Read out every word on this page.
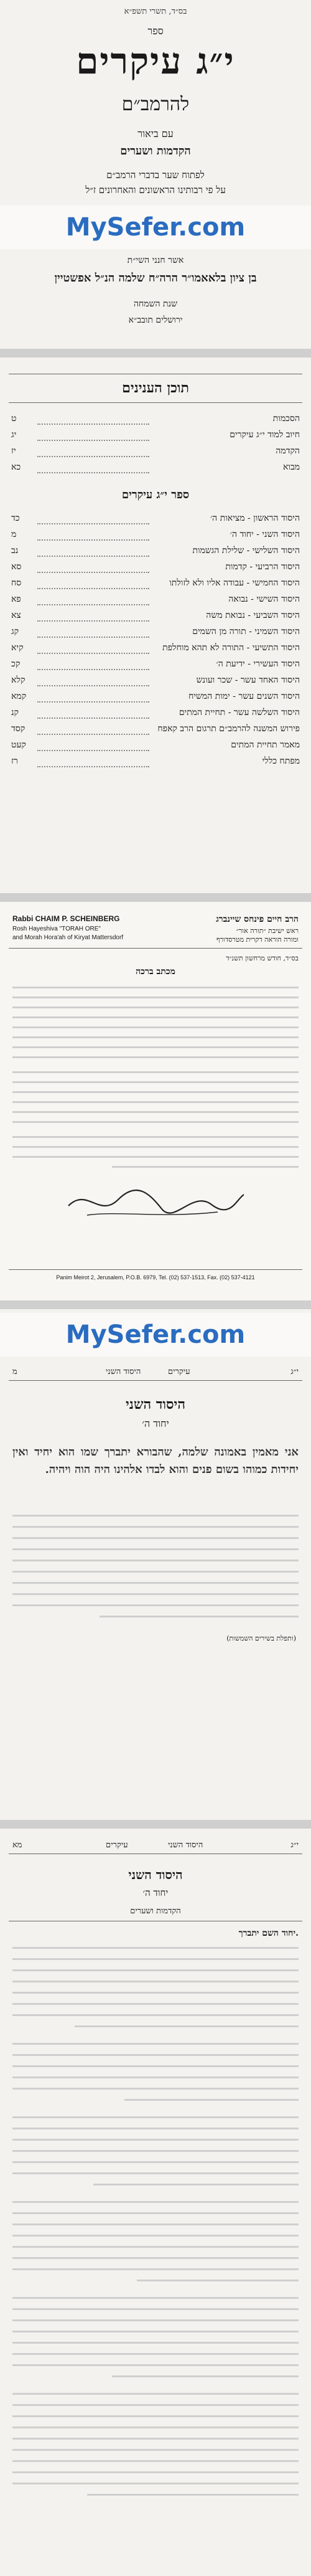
בס״ד, תשרי תשפ״א
ספר
י״ג עיקרים
להרמב״ם
עם ביאור
הקדמות ושערים
לפתוח שער בדברי הרמב״ם
על פי רבותינו הראשונים והאחרונים ז״ל
MySefer.com
אשר חנני השי״ת
בן ציון בלאאמו״ר הרה״ח שלמה הנ״ל אפשטיין
שנת השמחה
ירושלים תובב״א
תוכן הענינים
הסכמות
ט
חיוב למוד י״ג עיקרים
יג
הקדמה
יז
מבוא
כא
ספר י״ג עיקרים
היסוד הראשון - מציאות ה׳
כד
היסוד השני - יחוד ה׳
מ
היסוד השלישי - שלילת הגשמות
נב
היסוד הרביעי - קדמות
סא
היסוד החמישי - עבודה אליו ולא לזולתו
סח
היסוד השישי - נבואה
פא
היסוד השביעי - נבואת משה
צא
היסוד השמיני - תורה מן השמים
קג
היסוד התשיעי - התורה לא תהא מוחלפת
קיא
היסוד העשירי - ידיעת ה׳
קכ
היסוד האחד עשר - שכר ועונש
קלא
היסוד השנים עשר - ימות המשיח
קמא
היסוד השלשה עשר - תחיית המתים
קנ
פירוש המשנה להרמב״ם תרגום הרב קאפח
קסד
מאמר תחיית המתים
קעט
מפתח כללי
רז
Rabbi CHAIM P. SCHEINBERG
Rosh Hayeshiva "TORAH ORE"
and Morah Hora'ah of Kiryat Mattersdorf
הרב חיים פינחס שיינברג
ראש ישיבת ״תורה אור״
ומורה הוראה דקרית מטרסדורף
בס״ד, חודש מרחשון תשנ״ד
מכתב ברכה
Panim Meirot 2, Jerusalem, P.O.B. 6979, Tel. (02) 537-1513, Fax. (02) 537-4121
MySefer.com
י״ג
היסוד השני	עיקרים
מ
היסוד השני
יחוד ה׳
אני מאמין באמונה שלמה, שהבורא יתברך שמו הוא יחיד ואין יחידות כמוהו בשום פנים והוא לבדו אלהינו היה הוה ויהיה.
(ותפלת בשירים השמשות)
י״ג
עיקרים	היסוד השני
מא
היסוד השני
יחוד ה׳
הקדמות ושערים
יחוד השם יתברך.
